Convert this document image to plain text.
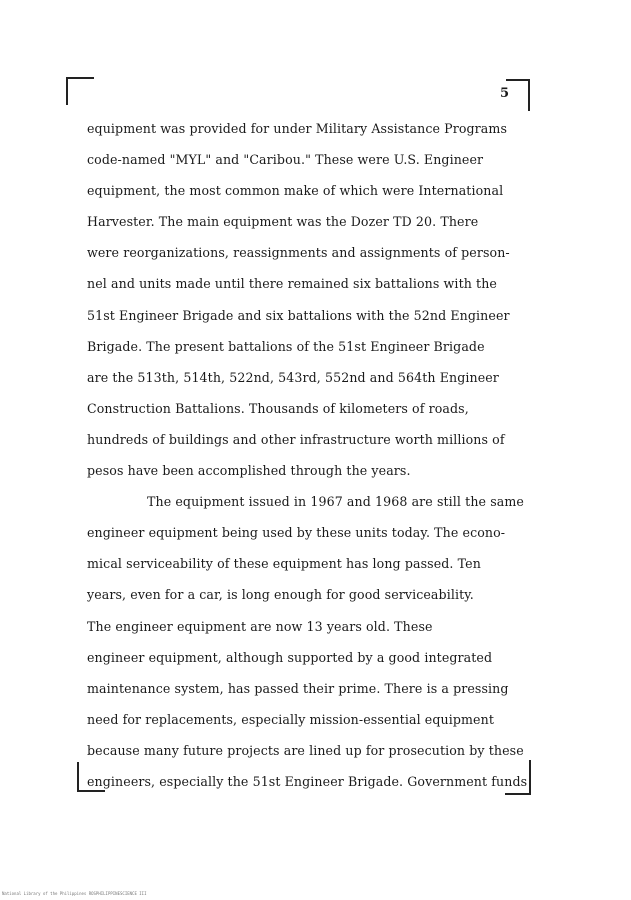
5
equipment was provided for under Military Assistance Programs
code-named "MYL" and "Caribou." These were U.S. Engineer
equipment, the most common make of which were International
Harvester. The main equipment was the Dozer TD 20. There
were reorganizations, reassignments and assignments of person-
nel and units made until there remained six battalions with the
51st Engineer Brigade and six battalions with the 52nd Engineer
Brigade. The present battalions of the 51st Engineer Brigade
are the 513th, 514th, 522nd, 543rd, 552nd and 564th Engineer
Construction Battalions. Thousands of kilometers of roads,
hundreds of buildings and other infrastructure worth millions of
pesos have been accomplished through the years.
The equipment issued in 1967 and 1968 are still the same
engineer equipment being used by these units today. The econo-
mical serviceability of these equipment has long passed. Ten
years, even for a car, is long enough for good serviceability.
The engineer equipment are now 13 years old. These
engineer equipment, although supported by a good integrated
maintenance system, has passed their prime. There is a pressing
need for replacements, especially mission-essential equipment
because many future projects are lined up for prosecution by these
engineers, especially the 51st Engineer Brigade. Government funds
National Library of the Philippines ROSPHILIPPINESCIENCE III
